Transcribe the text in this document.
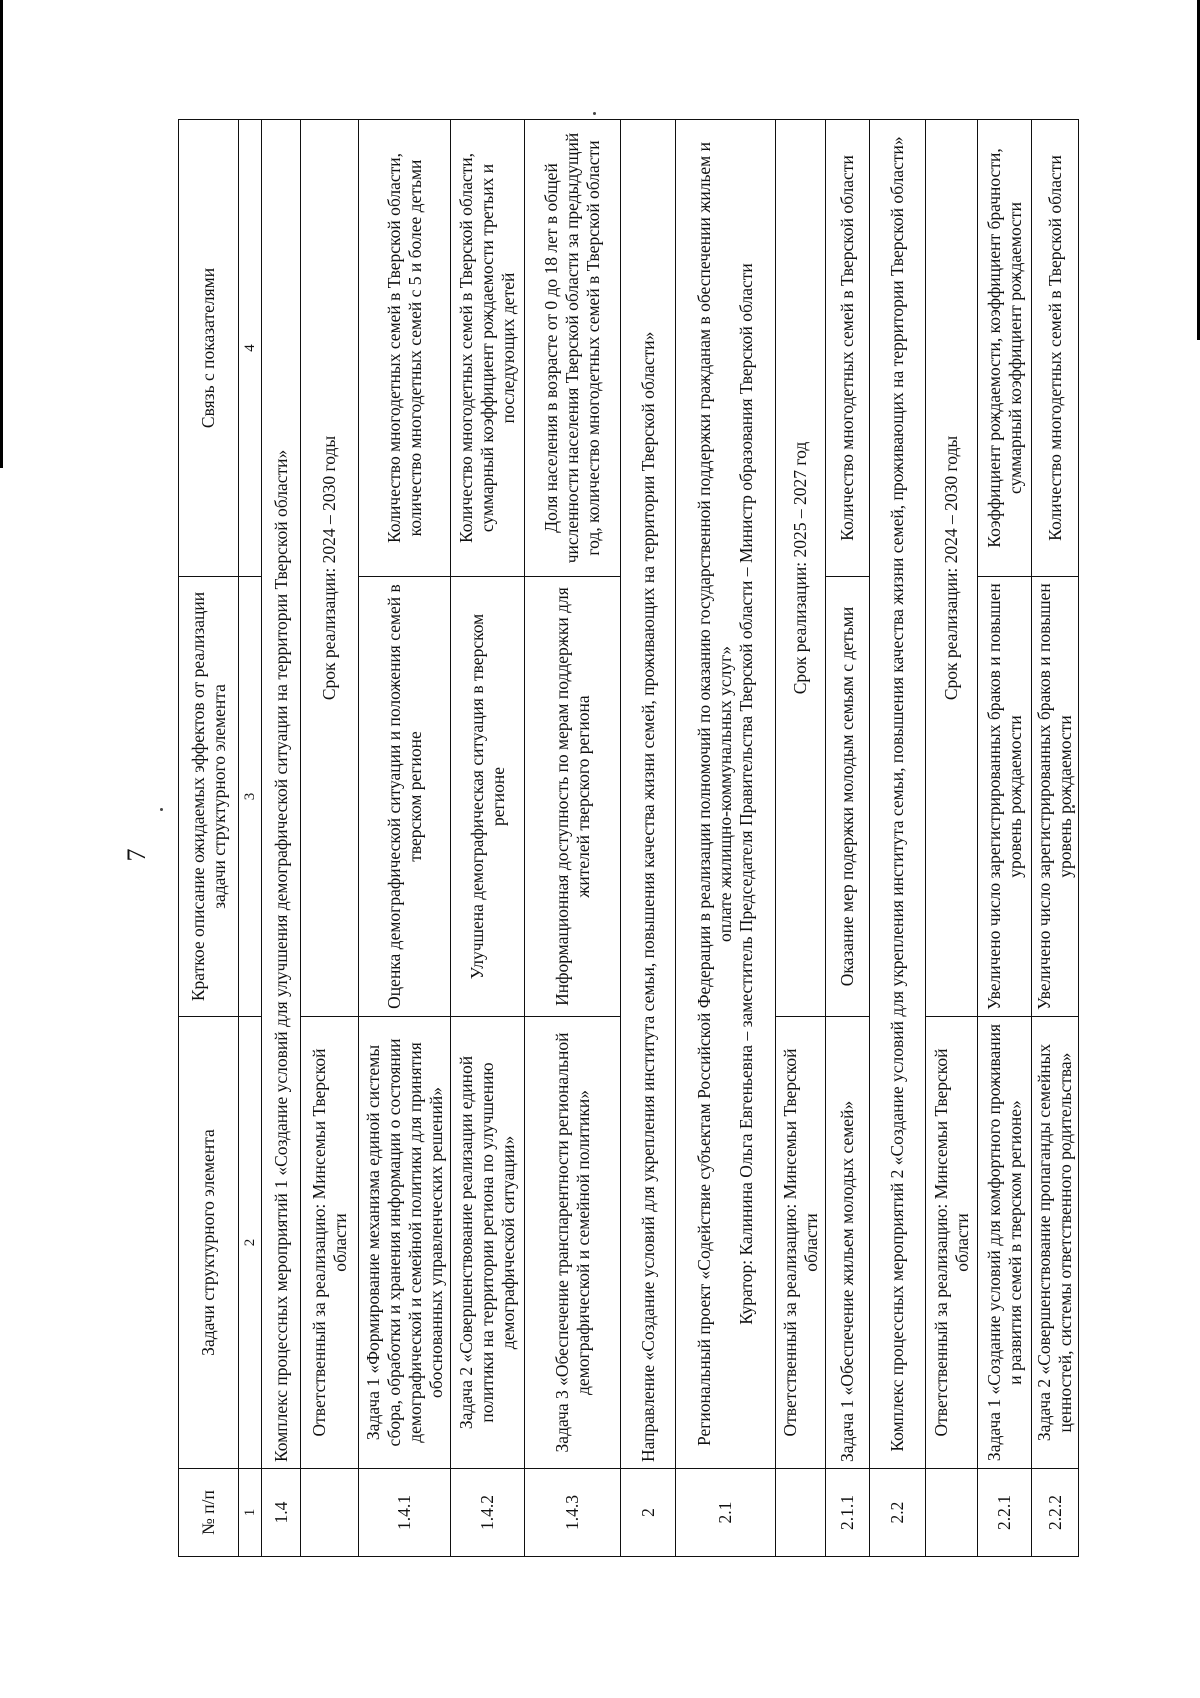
7
№ п/п	Задачи структурного элемента	Краткое описание ожидаемых эффектов от реализации задачи структурного элемента	Связь с показателями
1	2	3	4
1.4	Комплекс процессных мероприятий 1 «Создание условий для улучшения демографической ситуации на территории Тверской области»		
	Ответственный за реализацию: Минсемьи Тверской области	Срок реализации: 2024 – 2030 годы	
1.4.1	Задача 1 «Формирование механизма единой системы сбора, обработки и хранения информации о состоянии демографической и семейной политики для принятия обоснованных управленческих решений»	Оценка демографической ситуации и положения семей в тверском регионе	Количество многодетных семей в Тверской области, количество многодетных семей с 5 и более детьми
1.4.2	Задача 2 «Совершенствование реализации единой политики на территории региона по улучшению демографической ситуации»	Улучшена демографическая ситуация в тверском регионе	Количество многодетных семей в Тверской области, суммарный коэффициент рождаемости третьих и последующих детей
1.4.3	Задача 3 «Обеспечение транспарентности региональной демографической и семейной политики»	Информационная доступность по мерам поддержки для жителей тверского региона	Доля населения в возрасте от 0 до 18 лет в общей численности населения Тверской области за предыдущий год, количество многодетных семей в Тверской области
2	Направление «Создание условий для укрепления института семьи, повышения качества жизни семей, проживающих на территории Тверской области»		
2.1	Региональный проект «Содействие субъектам Российской Федерации в реализации полномочий по оказанию государственной поддержки гражданам в обеспечении жильем и оплате жилищно-коммунальных услуг» Куратор: Калинина Ольга Евгеньевна – заместитель Председателя Правительства Тверской области – Министр образования Тверской области		

	Ответственный за реализацию: Минсемьи Тверской области	Срок реализации: 2025 – 2027 год	
2.1.1	Задача 1 «Обеспечение жильем молодых семей»	Оказание мер подержки молодым семьям с детьми	Количество многодетных семей в Тверской области
2.2	Комплекс процессных мероприятий 2 «Создание условий для укрепления института семьи, повышения качества жизни семей, проживающих на территории Тверской области»		
	Ответственный за реализацию: Минсемьи Тверской области	Срок реализации: 2024 – 2030 годы	
2.2.1	Задача 1 «Создание условий для комфортного проживания и развития семей в тверском регионе»	Увеличено число зарегистрированных браков и повышен уровень рождаемости	Коэффициент рождаемости, коэффициент брачности, суммарный коэффициент рождаемости
2.2.2	Задача 2 «Совершенствование пропаганды семейных ценностей, системы ответственного родительства»	Увеличено число зарегистрированных браков и повышен уровень рождаемости	Количество многодетных семей в Тверской области
